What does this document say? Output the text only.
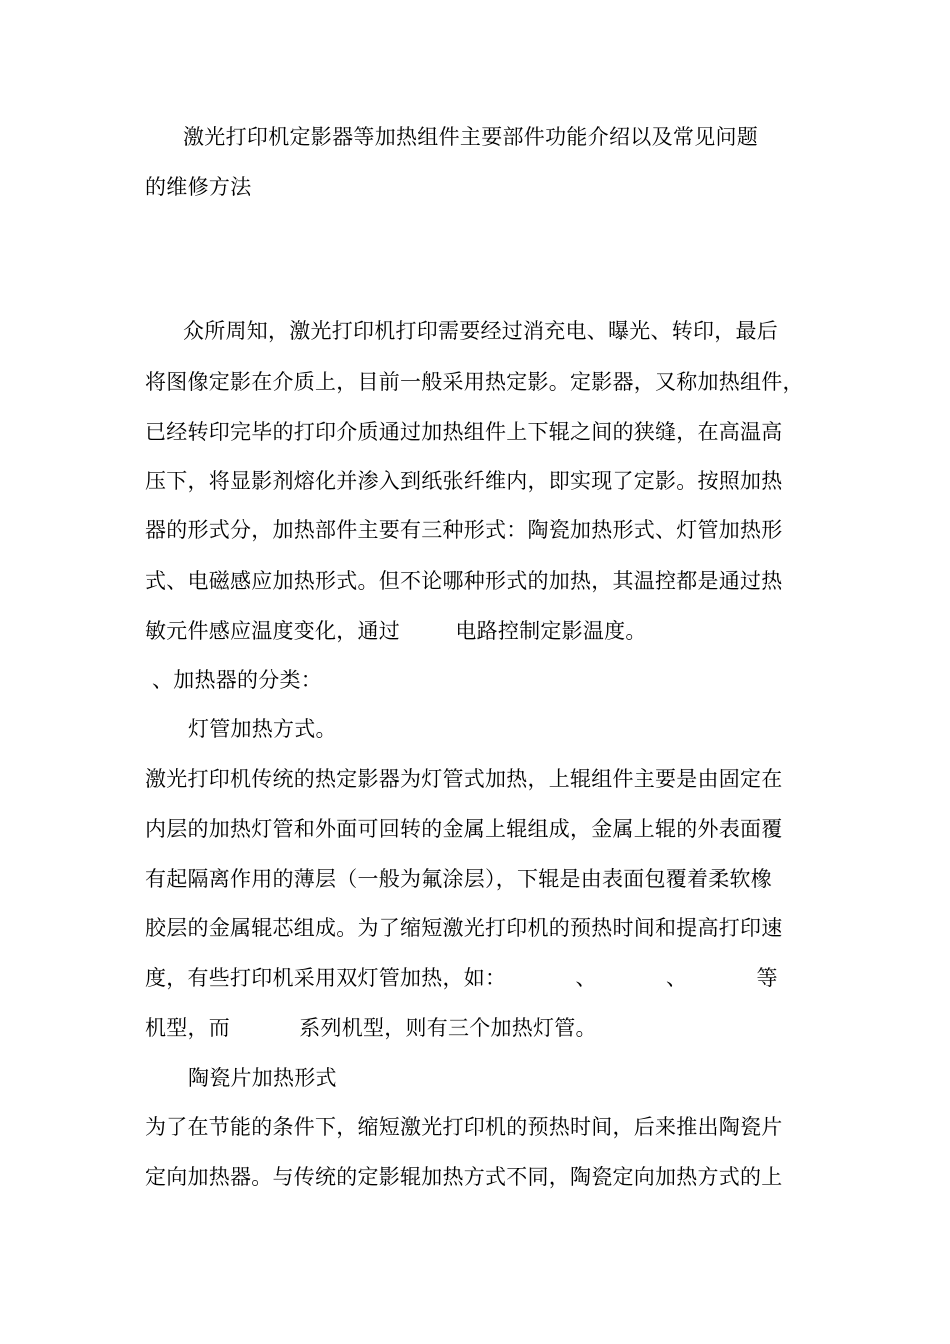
激光打印机定影器等加热组件主要部件功能介绍以及常见问题

的维修方法

众所周知，激光打印机打印需要经过消充电、曝光、转印，最后

将图像定影在介质上，目前一般采用热定影。定影器，又称加热组件，

已经转印完毕的打印介质通过加热组件上下辊之间的狭缝，在高温高

压下，将显影剂熔化并渗入到纸张纤维内，即实现了定影。按照加热

器的形式分，加热部件主要有三种形式：陶瓷加热形式、灯管加热形

式、电磁感应加热形式。但不论哪种形式的加热，其温控都是通过热

敏元件感应温度变化，通过        电路控制定影温度。

、加热器的分类：

灯管加热方式。

激光打印机传统的热定影器为灯管式加热，上辊组件主要是由固定在

内层的加热灯管和外面可回转的金属上辊组成，金属上辊的外表面覆

有起隔离作用的薄层（一般为氟涂层），下辊是由表面包覆着柔软橡

胶层的金属辊芯组成。为了缩短激光打印机的预热时间和提高打印速

度，有些打印机采用双灯管加热，如：          、          、          等

机型，而          系列机型，则有三个加热灯管。

陶瓷片加热形式

为了在节能的条件下，缩短激光打印机的预热时间，后来推出陶瓷片

定向加热器。与传统的定影辊加热方式不同，陶瓷定向加热方式的上
